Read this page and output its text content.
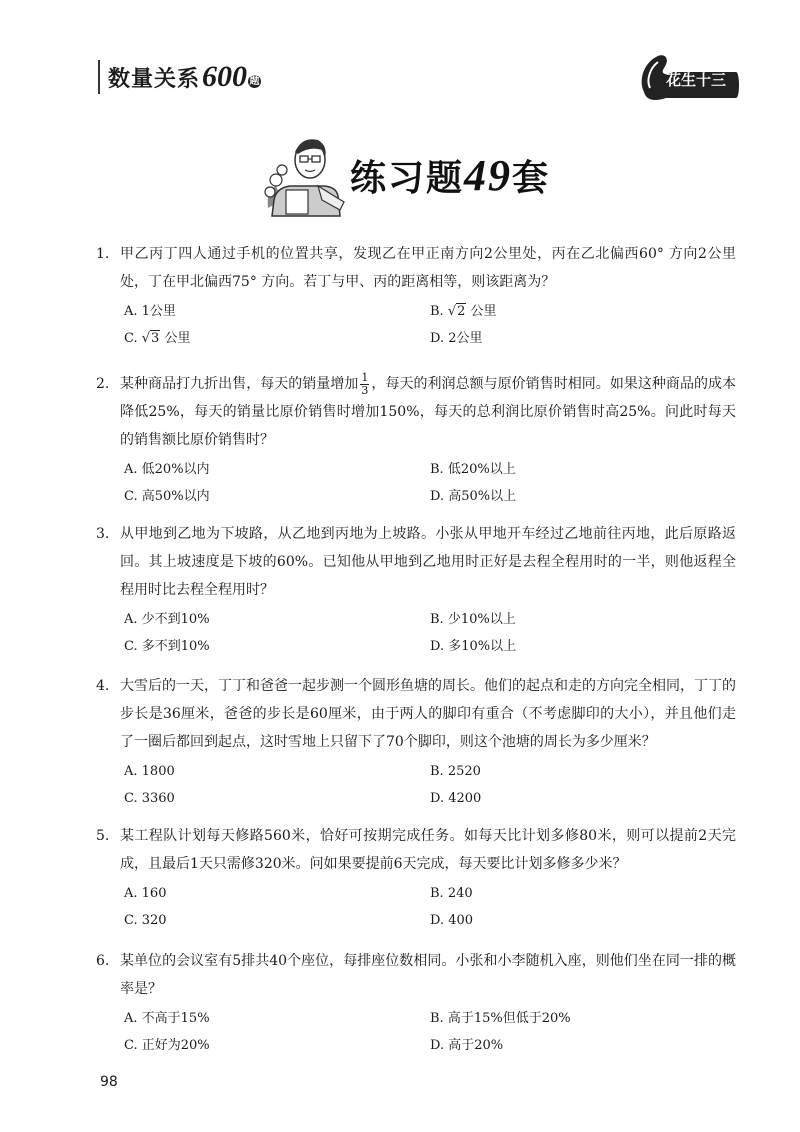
数量关系 600 题	花生十三
练习题49套
1. 甲乙丙丁四人通过手机的位置共享，发现乙在甲正南方向2公里处，丙在乙北偏西60° 方向2公里处，丁在甲北偏西75° 方向。若丁与甲、丙的距离相等，则该距离为？
A. 1公里	B. √2 公里
C. √3 公里	D. 2公里
2. 某种商品打九折出售，每天的销量增加 $\frac{1}{3}$ ，每天的利润总额与原价销售时相同。如果这种商品的成本降低25%，每天的销量比原价销售时增加150%，每天的总利润比原价销售时高25%。问此时每天的销售额比原价销售时？
A. 低20%以内	B. 低20%以上
C. 高50%以内	D. 高50%以上
3. 从甲地到乙地为下坡路，从乙地到丙地为上坡路。小张从甲地开车经过乙地前往丙地，此后原路返回。其上坡速度是下坡的60%。已知他从甲地到乙地用时正好是去程全程用时的一半，则他返程全程用时比去程全程用时？
A. 少不到10%	B. 少10%以上
C. 多不到10%	D. 多10%以上
4. 大雪后的一天，丁丁和爸爸一起步测一个圆形鱼塘的周长。他们的起点和走的方向完全相同，丁丁的步长是36厘米，爸爸的步长是60厘米，由于两人的脚印有重合（不考虑脚印的大小），并且他们走了一圈后都回到起点，这时雪地上只留下了70个脚印，则这个池塘的周长为多少厘米？
A. 1800	B. 2520
C. 3360	D. 4200
5. 某工程队计划每天修路560米，恰好可按期完成任务。如每天比计划多修80米，则可以提前2天完成，且最后1天只需修320米。问如果要提前6天完成，每天要比计划多修多少米？
A. 160	B. 240
C. 320	D. 400
6. 某单位的会议室有5排共40个座位，每排座位数相同。小张和小李随机入座，则他们坐在同一排的概率是？
A. 不高于15%	B. 高于15%但低于20%
C. 正好为20%	D. 高于20%
98
